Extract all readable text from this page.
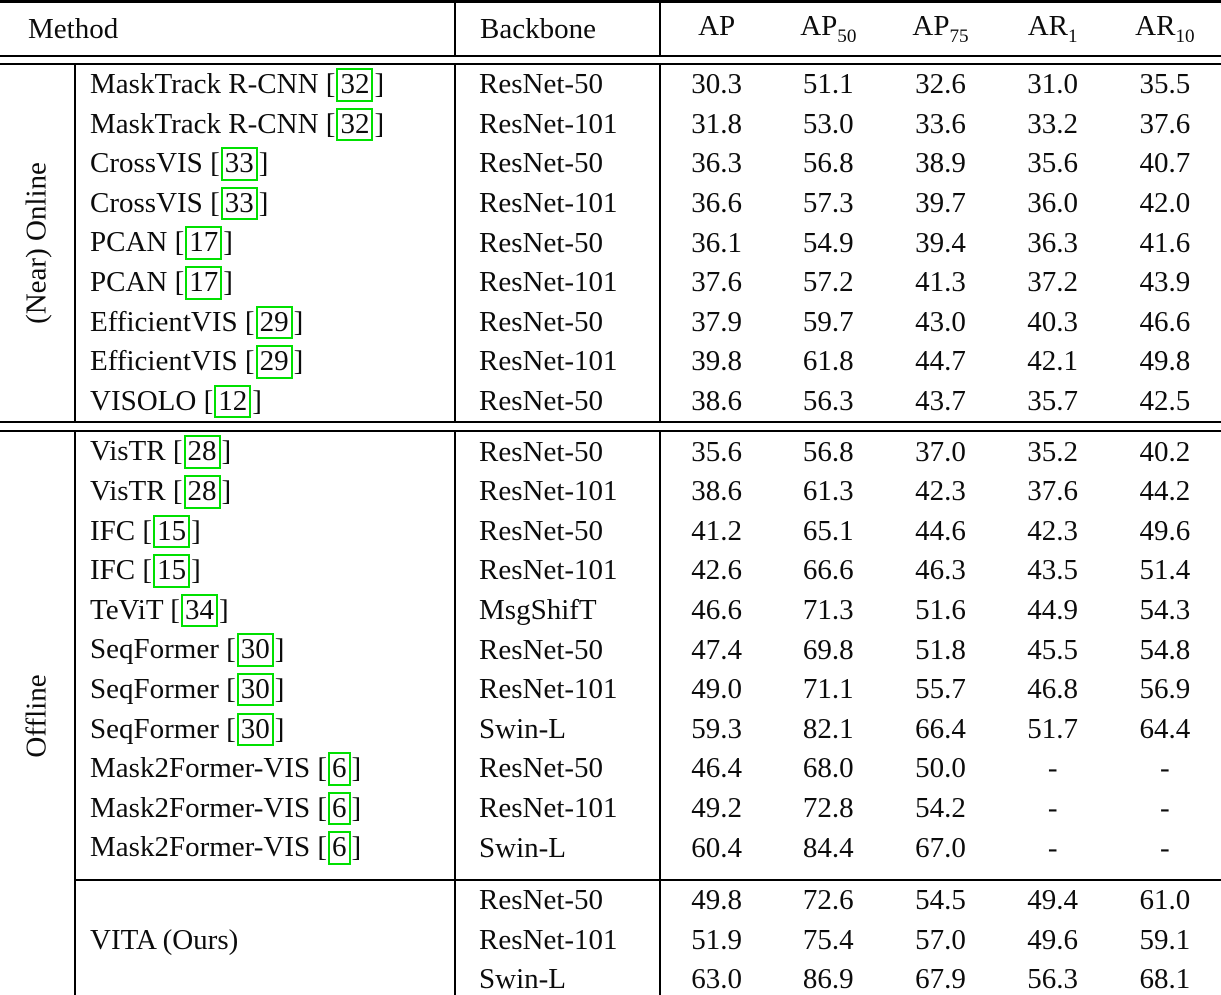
Method		Backbone	AP	$AP_{50}$	$AP_{75}$	$AR_1$	$AR_{10}$

(Near) Online	MaskTrack R-CNN [ 32 ]	ResNet-50	30.3	51.1	32.6	31.0	35.5
	MaskTrack R-CNN [ 32 ]	ResNet-101	31.8	53.0	33.6	33.2	37.6
	CrossVIS [ 33 ]	ResNet-50	36.3	56.8	38.9	35.6	40.7
	CrossVIS [ 33 ]	ResNet-101	36.6	57.3	39.7	36.0	42.0
	PCAN [ 17 ]	ResNet-50	36.1	54.9	39.4	36.3	41.6
	PCAN [ 17 ]	ResNet-101	37.6	57.2	41.3	37.2	43.9
	EfficientVIS [ 29 ]	ResNet-50	37.9	59.7	43.0	40.3	46.6
	EfficientVIS [ 29 ]	ResNet-101	39.8	61.8	44.7	42.1	49.8
	VISOLO [ 12 ]	ResNet-50	38.6	56.3	43.7	35.7	42.5

Offline	VisTR [ 28 ]	ResNet-50	35.6	56.8	37.0	35.2	40.2
	VisTR [ 28 ]	ResNet-101	38.6	61.3	42.3	37.6	44.2
	IFC [ 15 ]	ResNet-50	41.2	65.1	44.6	42.3	49.6
	IFC [ 15 ]	ResNet-101	42.6	66.6	46.3	43.5	51.4
	TeViT [ 34 ]	MsgShifT	46.6	71.3	51.6	44.9	54.3
	SeqFormer [ 30 ]	ResNet-50	47.4	69.8	51.8	45.5	54.8
	SeqFormer [ 30 ]	ResNet-101	49.0	71.1	55.7	46.8	56.9
	SeqFormer [ 30 ]	Swin-L	59.3	82.1	66.4	51.7	64.4
	Mask2Former-VIS [ 6 ]	ResNet-50	46.4	68.0	50.0	-	-
	Mask2Former-VIS [ 6 ]	ResNet-101	49.2	72.8	54.2	-	-
	Mask2Former-VIS [ 6 ]	Swin-L	60.4	84.4	67.0	-	-

	VITA (Ours)	ResNet-50	49.8	72.6	54.5	49.4	61.0
		ResNet-101	51.9	75.4	57.0	49.6	59.1
		Swin-L	63.0	86.9	67.9	56.3	68.1
